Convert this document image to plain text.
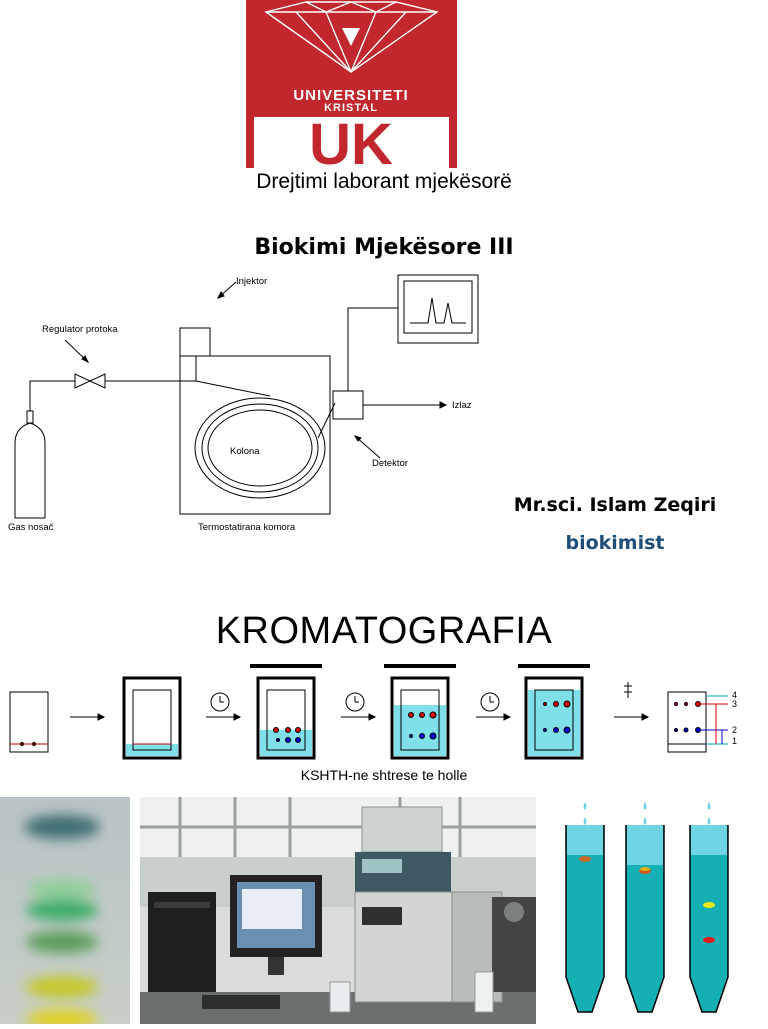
UNIVERSITETI
KRISTAL
UK
Drejtimi laborant mjekësorë
Biokimi Mjekësore III
Injektor
Regulator protoka
Kolona
Detektor
Izlaz
Gas nosač	Termostatirana komora
Mr.sci. Islam Zeqiri
biokimist
KROMATOGRAFIA
4
3
2
1
KSHTH-ne shtrese te holle
